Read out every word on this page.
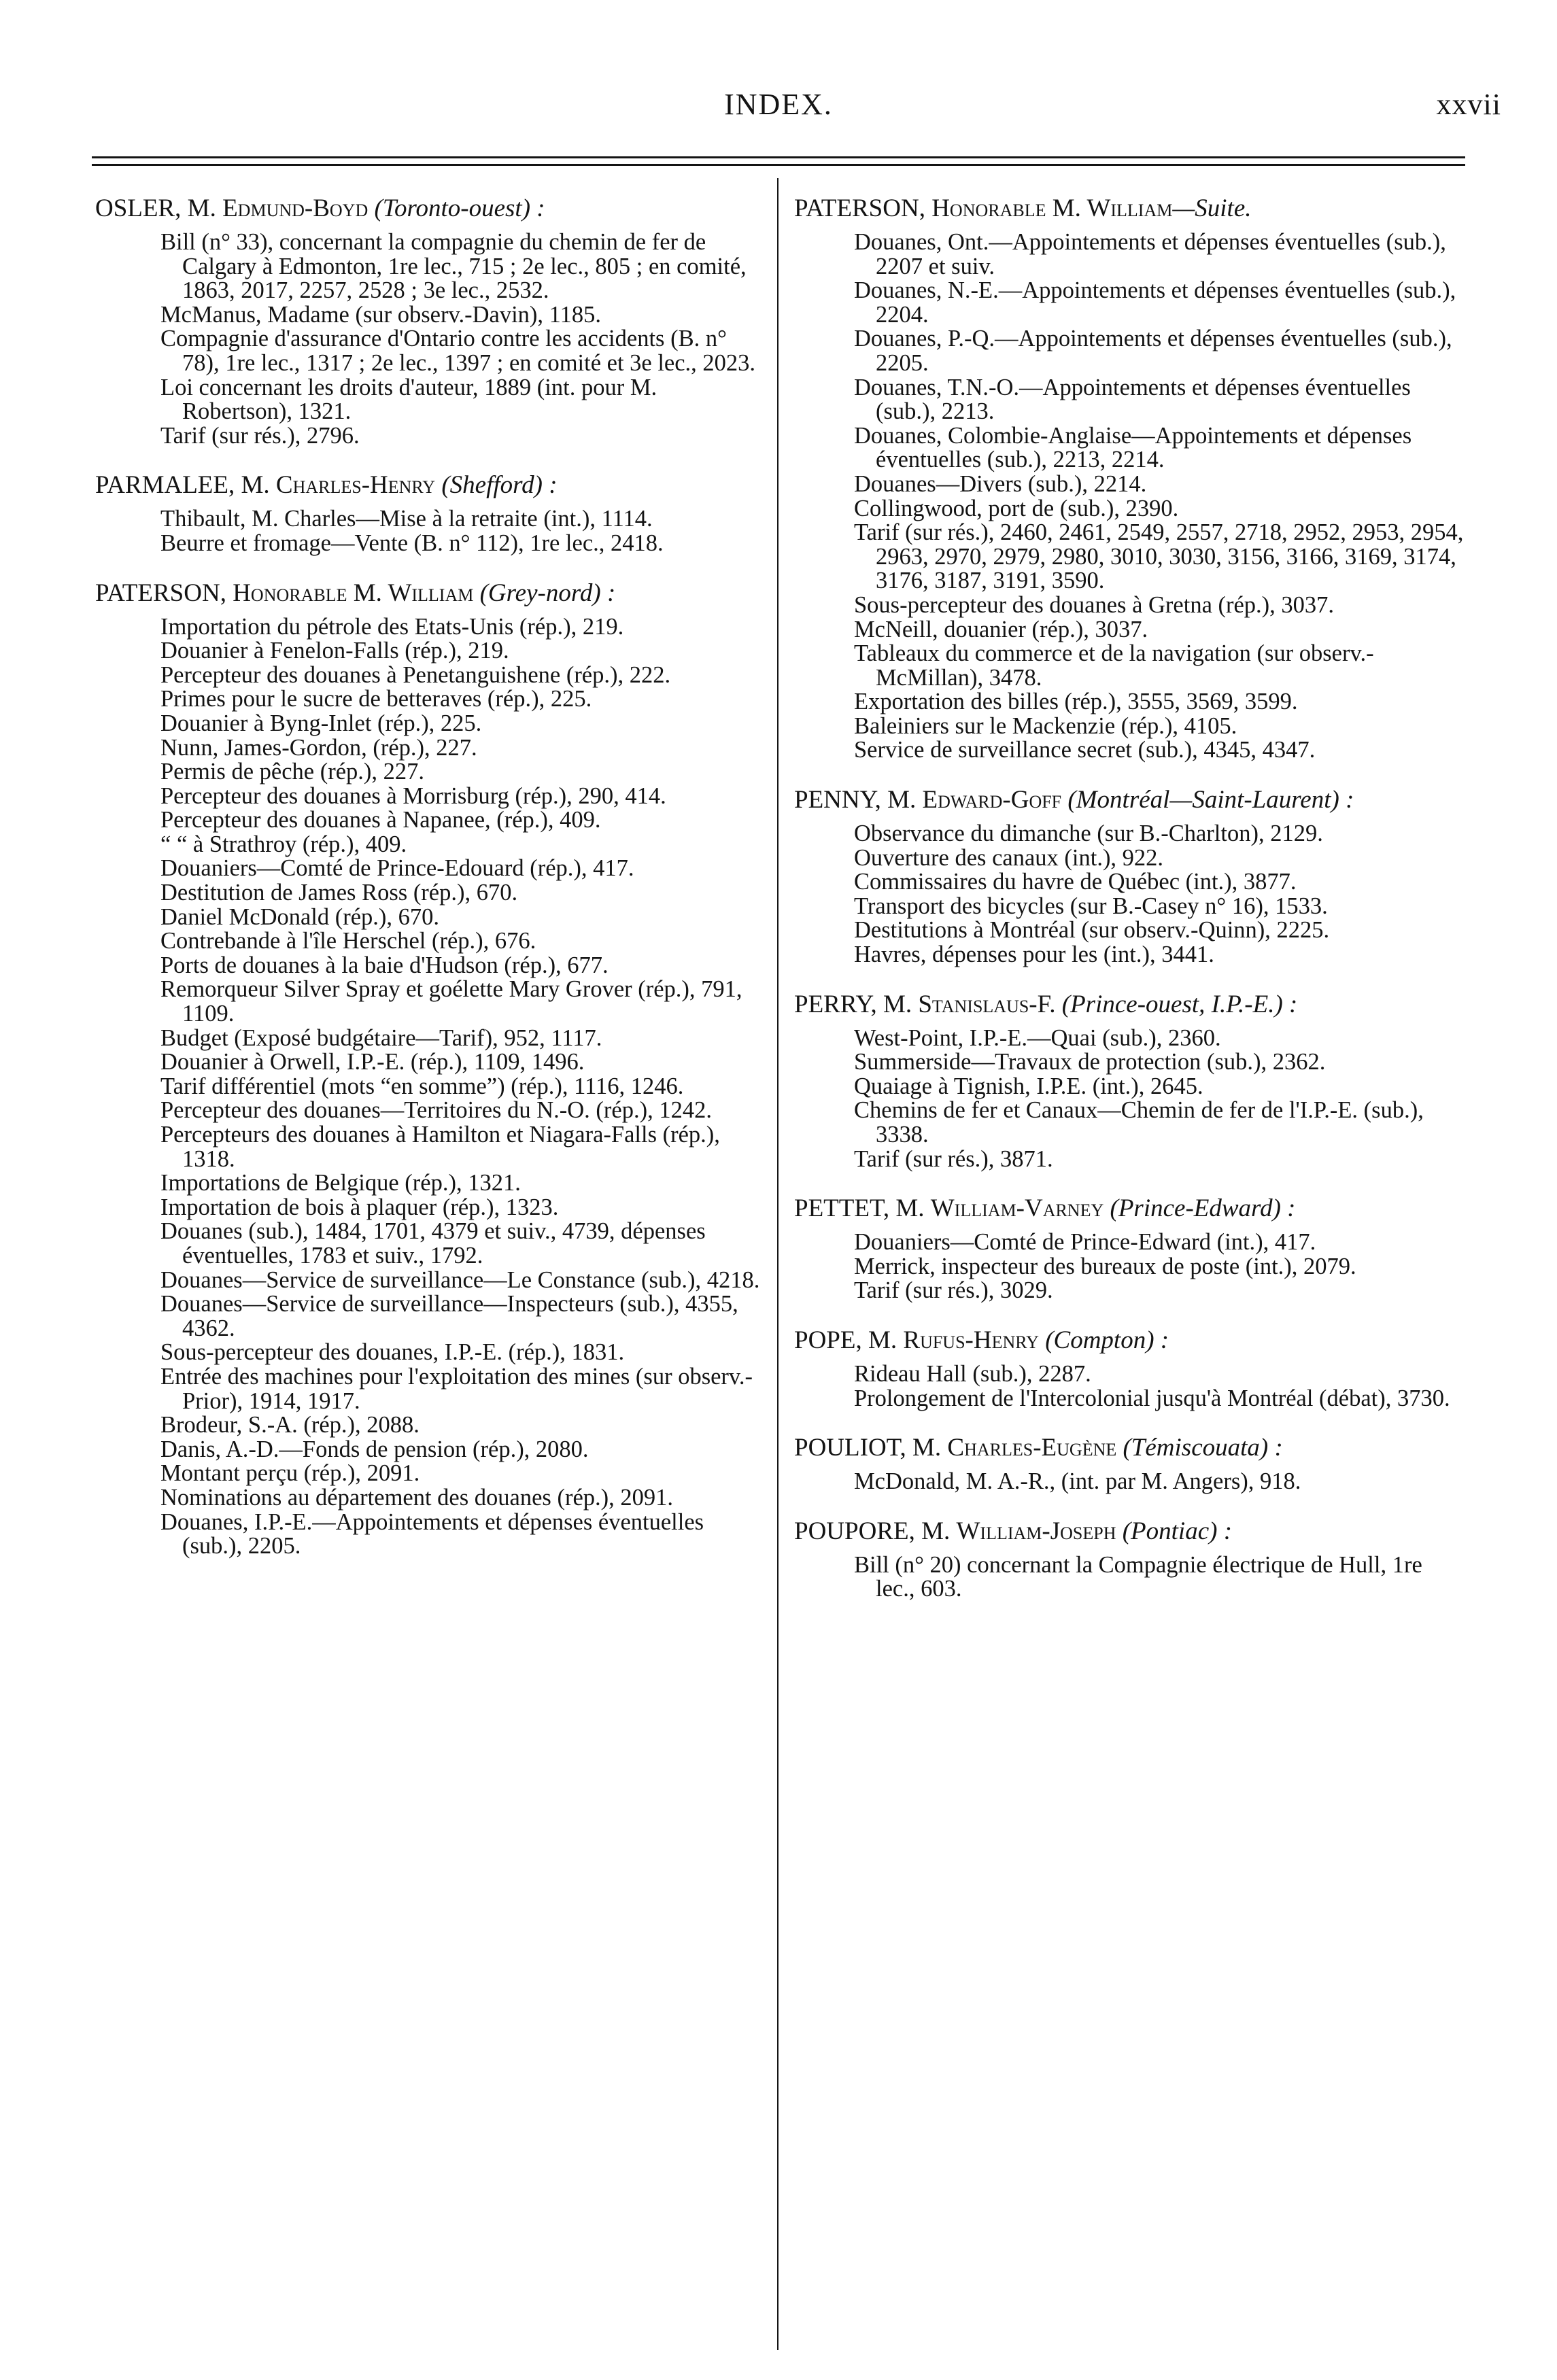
INDEX.	xxvii
OSLER, M. Edmund-Boyd (Toronto-ouest) :
Bill (n° 33), concernant la compagnie du chemin de fer de Calgary à Edmonton, 1re lec., 715 ; 2e lec., 805 ; en comité, 1863, 2017, 2257, 2528 ; 3e lec., 2532.
McManus, Madame (sur observ.-Davin), 1185.
Compagnie d'assurance d'Ontario contre les accidents (B. n° 78), 1re lec., 1317 ; 2e lec., 1397 ; en comité et 3e lec., 2023.
Loi concernant les droits d'auteur, 1889 (int. pour M. Robertson), 1321.
Tarif (sur rés.), 2796.
PARMALEE, M. Charles-Henry (Shefford) :
Thibault, M. Charles—Mise à la retraite (int.), 1114.
Beurre et fromage—Vente (B. n° 112), 1re lec., 2418.
PATERSON, Honorable M. William (Grey-nord) :
Importation du pétrole des Etats-Unis (rép.), 219.
Douanier à Fenelon-Falls (rép.), 219.
Percepteur des douanes à Penetanguishene (rép.), 222.
Primes pour le sucre de betteraves (rép.), 225.
Douanier à Byng-Inlet (rép.), 225.
Nunn, James-Gordon, (rép.), 227.
Permis de pêche (rép.), 227.
Percepteur des douanes à Morrisburg (rép.), 290, 414.
Percepteur des douanes à Napanee, (rép.), 409.
“ “ à Strathroy (rép.), 409.
Douaniers—Comté de Prince-Edouard (rép.), 417.
Destitution de James Ross (rép.), 670.
Daniel McDonald (rép.), 670.
Contrebande à l'île Herschel (rép.), 676.
Ports de douanes à la baie d'Hudson (rép.), 677.
Remorqueur Silver Spray et goélette Mary Grover (rép.), 791, 1109.
Budget (Exposé budgétaire—Tarif), 952, 1117.
Douanier à Orwell, I.P.-E. (rép.), 1109, 1496.
Tarif différentiel (mots “en somme”) (rép.), 1116, 1246.
Percepteur des douanes—Territoires du N.-O. (rép.), 1242.
Percepteurs des douanes à Hamilton et Niagara-Falls (rép.), 1318.
Importations de Belgique (rép.), 1321.
Importation de bois à plaquer (rép.), 1323.
Douanes (sub.), 1484, 1701, 4379 et suiv., 4739, dépenses éventuelles, 1783 et suiv., 1792.
Douanes—Service de surveillance—Le Constance (sub.), 4218.
Douanes—Service de surveillance—Inspecteurs (sub.), 4355, 4362.
Sous-percepteur des douanes, I.P.-E. (rép.), 1831.
Entrée des machines pour l'exploitation des mines (sur observ.-Prior), 1914, 1917.
Brodeur, S.-A. (rép.), 2088.
Danis, A.-D.—Fonds de pension (rép.), 2080.
Montant perçu (rép.), 2091.
Nominations au département des douanes (rép.), 2091.
Douanes, I.P.-E.—Appointements et dépenses éventuelles (sub.), 2205.
PATERSON, Honorable M. William—Suite.
Douanes, Ont.—Appointements et dépenses éventuelles (sub.), 2207 et suiv.
Douanes, N.-E.—Appointements et dépenses éventuelles (sub.), 2204.
Douanes, P.-Q.—Appointements et dépenses éventuelles (sub.), 2205.
Douanes, T.N.-O.—Appointements et dépenses éventuelles (sub.), 2213.
Douanes, Colombie-Anglaise—Appointements et dépenses éventuelles (sub.), 2213, 2214.
Douanes—Divers (sub.), 2214.
Collingwood, port de (sub.), 2390.
Tarif (sur rés.), 2460, 2461, 2549, 2557, 2718, 2952, 2953, 2954, 2963, 2970, 2979, 2980, 3010, 3030, 3156, 3166, 3169, 3174, 3176, 3187, 3191, 3590.
Sous-percepteur des douanes à Gretna (rép.), 3037.
McNeill, douanier (rép.), 3037.
Tableaux du commerce et de la navigation (sur observ.-McMillan), 3478.
Exportation des billes (rép.), 3555, 3569, 3599.
Baleiniers sur le Mackenzie (rép.), 4105.
Service de surveillance secret (sub.), 4345, 4347.
PENNY, M. Edward-Goff (Montréal—Saint-Laurent) :
Observance du dimanche (sur B.-Charlton), 2129.
Ouverture des canaux (int.), 922.
Commissaires du havre de Québec (int.), 3877.
Transport des bicycles (sur B.-Casey n° 16), 1533.
Destitutions à Montréal (sur observ.-Quinn), 2225.
Havres, dépenses pour les (int.), 3441.
PERRY, M. Stanislaus-F. (Prince-ouest, I.P.-E.) :
West-Point, I.P.-E.—Quai (sub.), 2360.
Summerside—Travaux de protection (sub.), 2362.
Quaiage à Tignish, I.P.E. (int.), 2645.
Chemins de fer et Canaux—Chemin de fer de l'I.P.-E. (sub.), 3338.
Tarif (sur rés.), 3871.
PETTET, M. William-Varney (Prince-Edward) :
Douaniers—Comté de Prince-Edward (int.), 417.
Merrick, inspecteur des bureaux de poste (int.), 2079.
Tarif (sur rés.), 3029.
POPE, M. Rufus-Henry (Compton) :
Rideau Hall (sub.), 2287.
Prolongement de l'Intercolonial jusqu'à Montréal (débat), 3730.
POULIOT, M. Charles-Eugène (Témiscouata) :
McDonald, M. A.-R., (int. par M. Angers), 918.
POUPORE, M. William-Joseph (Pontiac) :
Bill (n° 20) concernant la Compagnie électrique de Hull, 1re lec., 603.
